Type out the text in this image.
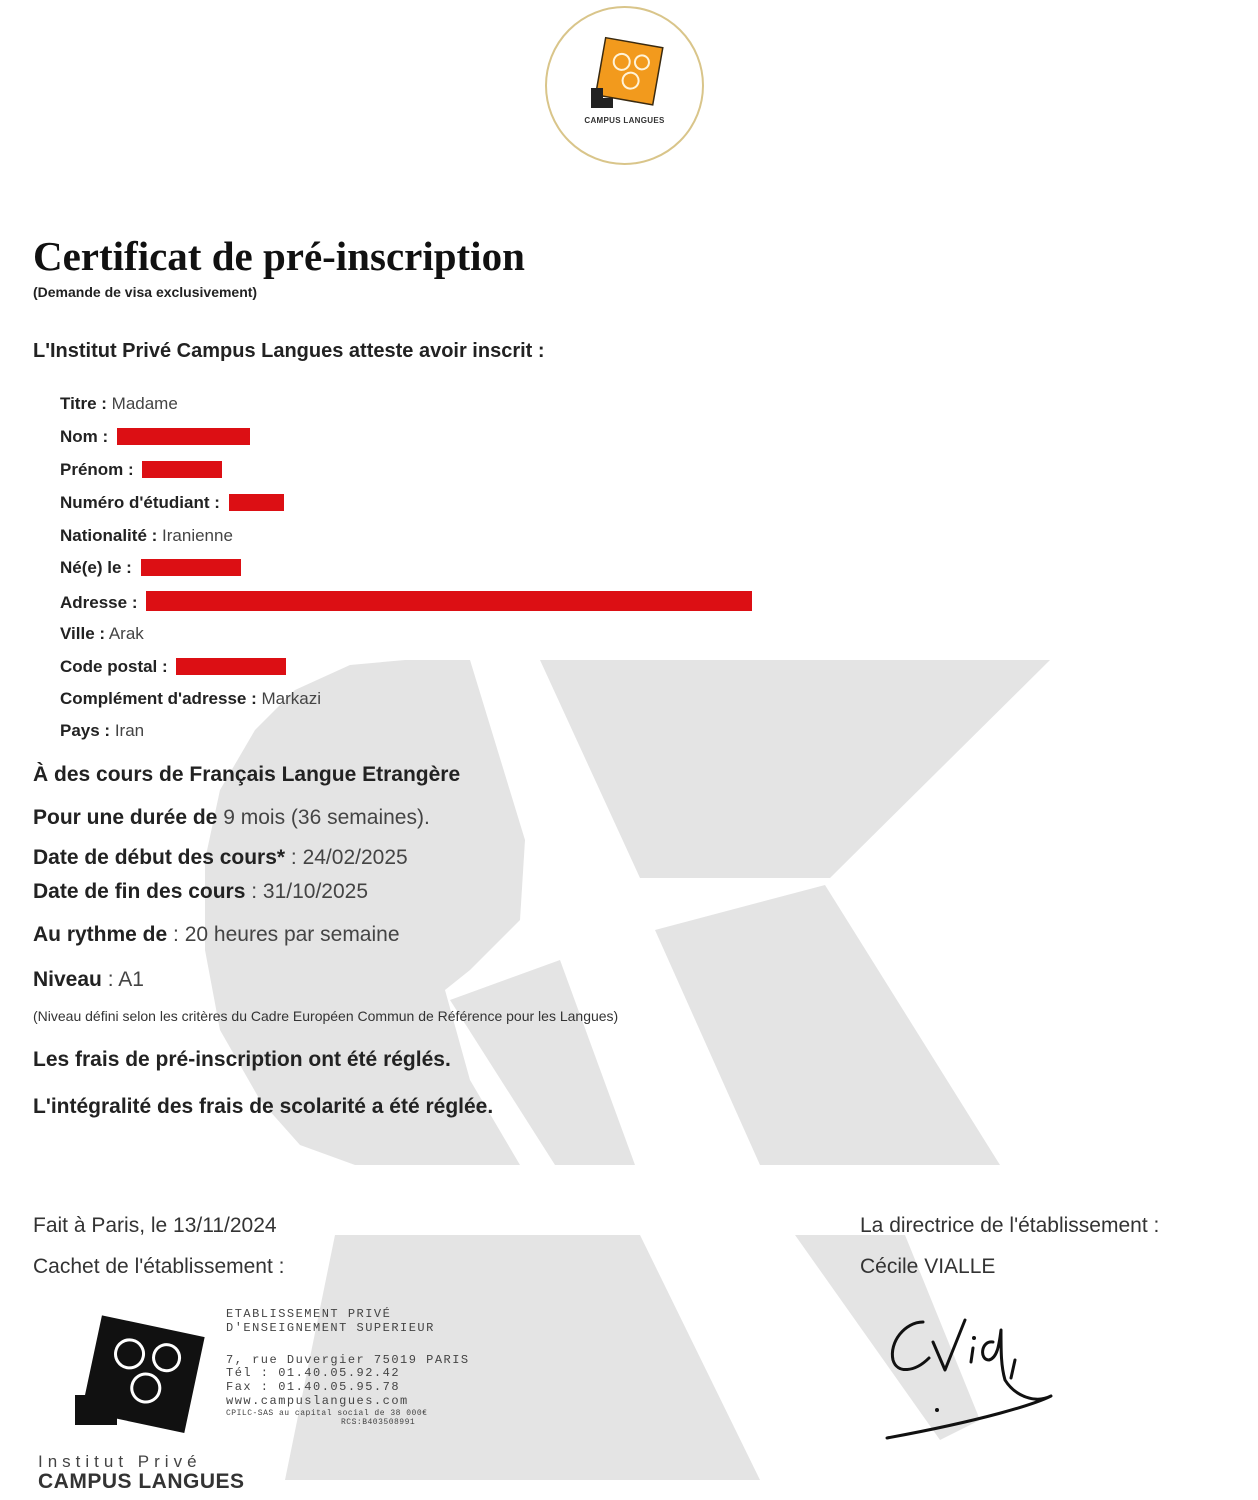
CAMPUS LANGUES
Certificat de pré-inscription
(Demande de visa exclusivement)
L'Institut Privé Campus Langues atteste avoir inscrit :
Titre : Madame
Nom :
Prénom :
Numéro d'étudiant :
Nationalité : Iranienne
Né(e) le :
Adresse :
Ville : Arak
Code postal :
Complément d'adresse : Markazi
Pays : Iran
À des cours de Français Langue Etrangère
Pour une durée de 9 mois (36 semaines).
Date de début des cours* : 24/02/2025
Date de fin des cours : 31/10/2025
Au rythme de : 20 heures par semaine
Niveau : A1
(Niveau défini selon les critères du Cadre Européen Commun de Référence pour les Langues)
Les frais de pré-inscription ont été réglés.
L'intégralité des frais de scolarité a été réglée.
Fait à Paris, le 13/11/2024
Cachet de l'établissement :
La directrice de l'établissement :
Cécile VIALLE
ETABLISSEMENT PRIVÉ
D'ENSEIGNEMENT SUPERIEUR
7, rue Duvergier 75019 PARIS
Tél : 01.40.05.92.42
Fax : 01.40.05.95.78
www.campuslangues.com
CPILC-SAS au capital social de 38 000€
RCS:B403508991
Institut Privé
CAMPUS LANGUES
